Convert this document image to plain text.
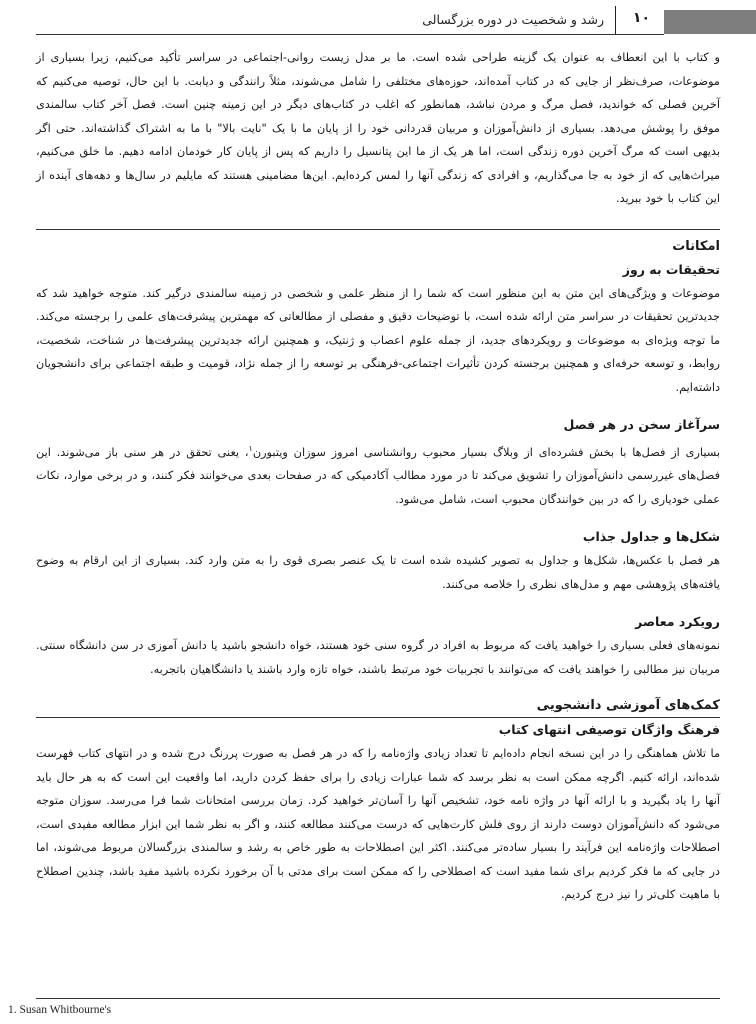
۱۰
رشد و شخصیت در دوره بزرگسالی

و کتاب با این انعطاف به عنوان یک گزینه طراحی شده است. ما بر مدل زیست روانی-اجتماعی در سراسر تأکید می‌کنیم، زیرا بسیاری از موضوعات، صرف‌نظر از جایی که در کتاب آمده‌اند، حوزه‌های مختلفی را شامل می‌شوند، مثلاً رانندگی و دیابت. با این حال، توصیه می‌کنیم که آخرین فصلی که خواندید، فصل مرگ و مردن نباشد، همانطور که اغلب در کتاب‌های دیگر در این زمینه چنین است. فصل آخر کتاب سالمندی موفق را پوشش می‌دهد. بسیاری از دانش‌آموزان و مربیان قدردانی خود را از پایان ما با یک "نایت بالا" با ما به اشتراک گذاشته‌اند. حتی اگر بدیهی است که مرگ آخرین دوره زندگی است، اما هر یک از ما این پتانسیل را داریم که پس از پایان کار خودمان ادامه دهیم. ما خلق می‌کنیم، میراث‌هایی که از خود به جا می‌گذاریم، و افرادی که زندگی آنها را لمس کرده‌ایم. این‌ها مضامینی هستند که مایلیم در سال‌ها و دهه‌های آینده از این کتاب با خود ببرید.

امکانات
تحقیقات به روز

موضوعات و ویژگی‌های این متن به این منظور است که شما را از منظر علمی و شخصی در زمینه سالمندی درگیر کند. متوجه خواهید شد که جدیدترین تحقیقات در سراسر متن ارائه شده است، با توضیحات دقیق و مفصلی از مطالعاتی که مهمترین پیشرفت‌های علمی را برجسته می‌کند. ما توجه ویژه‌ای به موضوعات و رویکردهای جدید، از جمله علوم اعصاب و ژنتیک، و همچنین ارائه جدیدترین پیشرفت‌ها در شناخت، شخصیت، روابط، و توسعه حرفه‌ای و همچنین برجسته کردن تأثیرات اجتماعی-فرهنگی بر توسعه را از جمله نژاد، قومیت و طبقه اجتماعی برای دانشجویان داشته‌ایم.

سرآغاز سخن در هر فصل

بسیاری از فصل‌ها با بخش فشرده‌ای از وبلاگ بسیار محبوب روانشناسی امروز سوزان ویتبورن$^۱$، یعنی تحقق در هر سنی باز می‌شوند. این فصل‌های غیررسمی دانش‌آموزان را تشویق می‌کند تا در مورد مطالب آکادمیکی که در صفحات بعدی می‌خوانند فکر کنند، و در برخی موارد، نکات عملی خودیاری را که در بین خوانندگان محبوب است، شامل می‌شود.

شکل‌ها و جداول جذاب

هر فصل با عکس‌ها، شکل‌ها و جداول به تصویر کشیده شده است تا یک عنصر بصری قوی را به متن وارد کند. بسیاری از این ارقام به وضوح یافته‌های پژوهشی مهم و مدل‌های نظری را خلاصه می‌کنند.

رویکرد معاصر

نمونه‌های فعلی بسیاری را خواهید یافت که مربوط به افراد در گروه سنی خود هستند، خواه دانشجو باشید یا دانش آموزی در سن دانشگاه سنتی. مربیان نیز مطالبی را خواهند یافت که می‌توانند با تجربیات خود مرتبط باشند، خواه تازه وارد باشند یا دانشگاهیان باتجربه.

کمک‌های آموزشی دانشجویی
فرهنگ واژگان توصیفی انتهای کتاب

ما تلاش هماهنگی را در این نسخه انجام داده‌ایم تا تعداد زیادی واژه‌نامه را که در هر فصل به صورت پررنگ درج شده و در انتهای کتاب فهرست شده‌اند، ارائه کنیم. اگرچه ممکن است به نظر برسد که شما عبارات زیادی را برای حفظ کردن دارید، اما واقعیت این است که به هر حال باید آنها را یاد بگیرید و با ارائه آنها در واژه نامه خود، تشخیص آنها را آسان‌تر خواهید کرد. زمان بررسی امتحانات شما فرا می‌رسد. سوزان متوجه می‌شود که دانش‌آموزان دوست دارند از روی فلش کارت‌هایی که درست می‌کنند مطالعه کنند، و اگر به نظر شما این ابزار مطالعه مفیدی است، اصطلاحات واژه‌نامه این فرآیند را بسیار ساده‌تر می‌کنند. اکثر این اصطلاحات به طور خاص به رشد و سالمندی بزرگسالان مربوط می‌شوند، اما در جایی که ما فکر کردیم برای شما مفید است که اصطلاحی را که ممکن است برای مدتی با آن برخورد نکرده باشید مفید باشد، چندین اصطلاح با ماهیت کلی‌تر را نیز درج کردیم.

1. Susan Whitbourne's
